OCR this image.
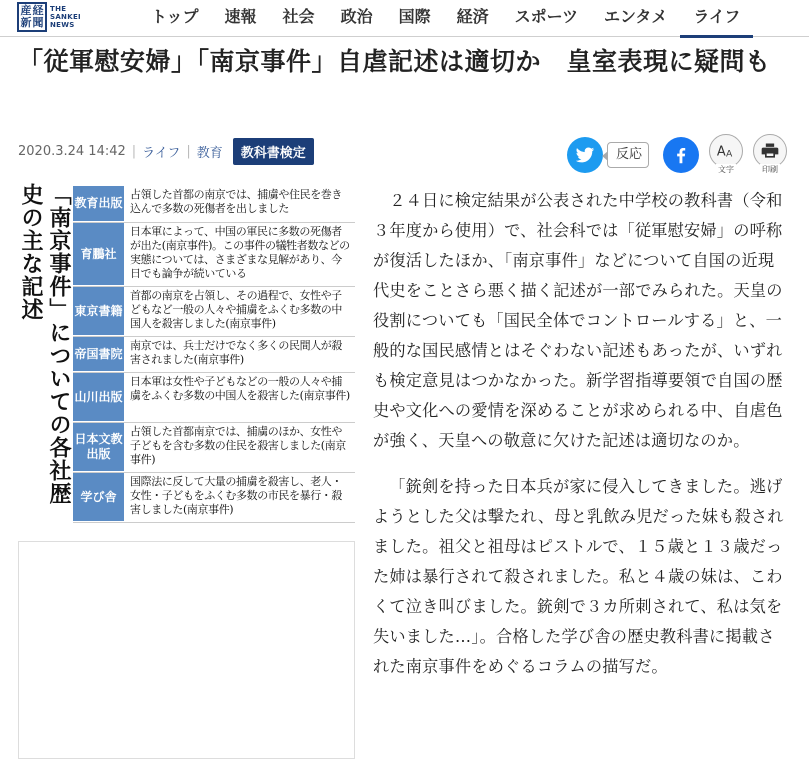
産 経
新 聞
THE
SANKEI
NEWS	トップ	速報	社会	政治	国際	経済	スポーツ	エンタメ	ライフ
「従軍慰安婦」「南京事件」自虐記述は適切か　皇室表現に疑問も
2020.3.24 14:42 | ライフ | 教育	教科書検定	反応	A A
文字	印刷
「南京事件」についての各社歴史の主な記述	教育出版
占領した首都の南京では、捕虜や住民を巻き込んで多数の死傷者を出しました
育鵬社
日本軍によって、中国の軍民に多数の死傷者が出た(南京事件)。この事件の犠牲者数などの実態については、さまざまな見解があり、今日でも論争が続いている
東京書籍
首都の南京を占領し、その過程で、女性や子どもなど一般の人々や捕虜をふくむ多数の中国人を殺害しました(南京事件)
帝国書院
南京では、兵士だけでなく多くの民間人が殺害されました(南京事件)
山川出版
日本軍は女性や子どもなどの一般の人々や捕虜をふくむ多数の中国人を殺害した(南京事件)
日本文教出版
占領した首都南京では、捕虜のほか、女性や子どもを含む多数の住民を殺害しました(南京事件)
学び舎
国際法に反して大量の捕虜を殺害し、老人・女性・子どもをふくむ多数の市民を暴行・殺害しました(南京事件)

２４日に検定結果が公表された中学校の教科書（令和３年度から使用）で、社会科では「従軍慰安婦」の呼称が復活したほか、「南京事件」などについて自国の近現代史をことさら悪く描く記述が一部でみられた。天皇の役割についても「国民全体でコントロールする」と、一般的な国民感情とはそぐわない記述もあったが、いずれも検定意見はつかなかった。新学習指導要領で自国の歴史や文化への愛情を深めることが求められる中、自虐色が強く、天皇への敬意に欠けた記述は適切なのか。

「銃剣を持った日本兵が家に侵入してきました。逃げようとした父は撃たれ、母と乳飲み児だった妹も殺されました。祖父と祖母はピストルで、１５歳と１３歳だった姉は暴行されて殺されました。私と４歳の妹は、こわくて泣き叫びました。銃剣で３カ所刺されて、私は気を失いました…」。合格した学び舎の歴史教科書に掲載された南京事件をめぐるコラムの描写だ。
